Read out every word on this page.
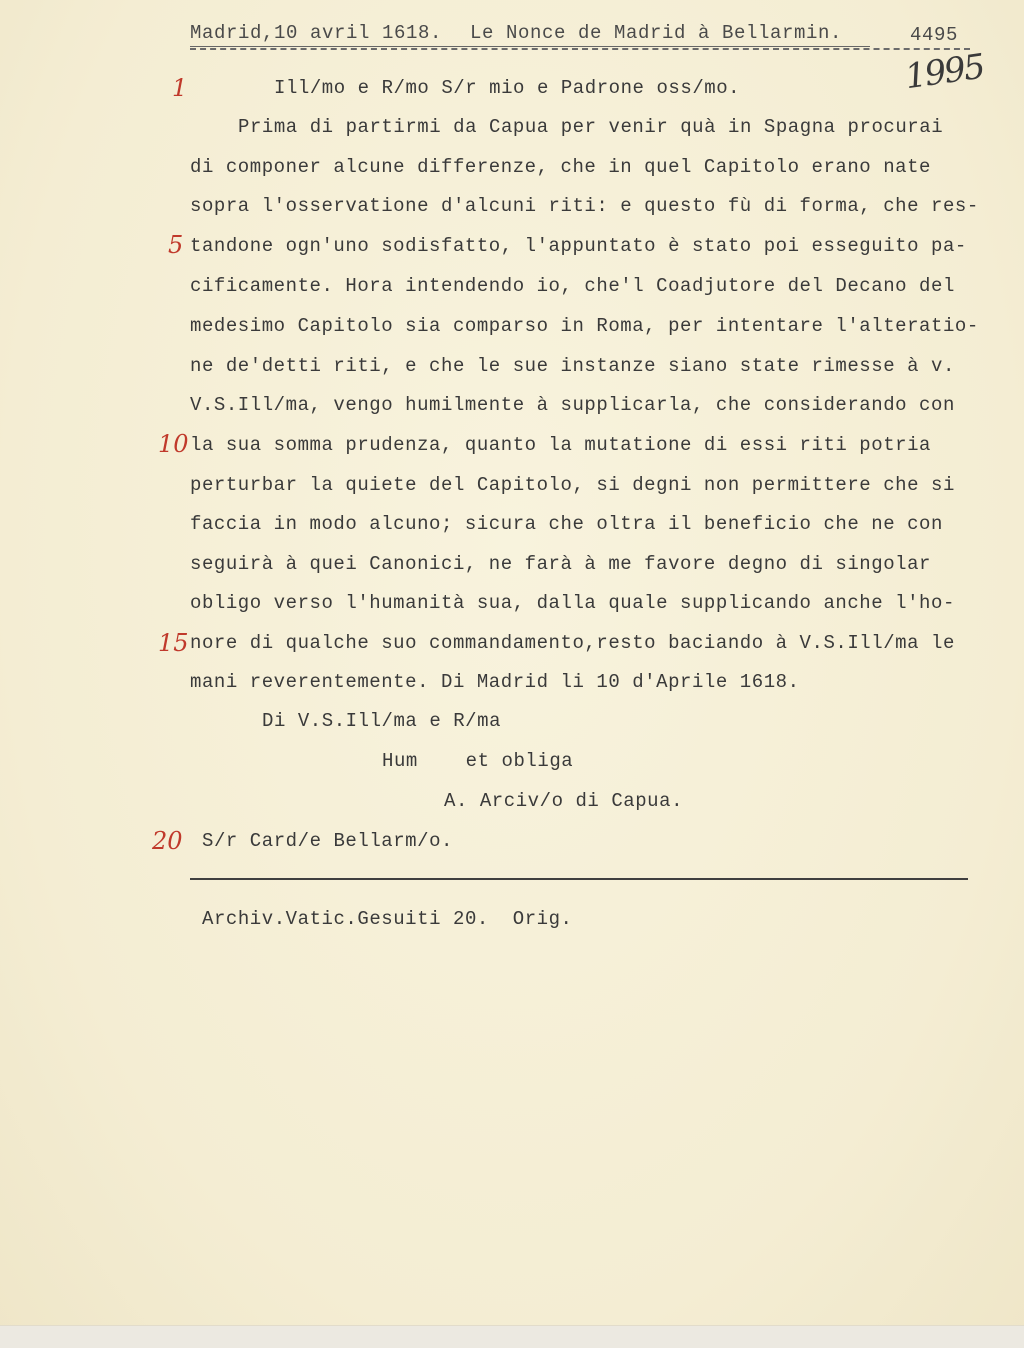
Madrid,10 avril 1618. Le Nonce de Madrid à Bellarmin.	4495
1995
1
5
10
15
20
Ill/mo e R/mo S/r mio e Padrone oss/mo.
Prima di partirmi da Capua per venir quà in Spagna procurai
di componer alcune differenze, che in quel Capitolo erano nate
sopra l'osservatione d'alcuni riti: e questo fù di forma, che res-
tandone ogn'uno sodisfatto, l'appuntato è stato poi esseguito pa-
cificamente. Hora intendendo io, che'l Coadjutore del Decano del
medesimo Capitolo sia comparso in Roma, per intentare l'alteratio-
ne de'detti riti, e che le sue instanze siano state rimesse à v.
V.S.Ill/ma, vengo humilmente à supplicarla, che considerando con
la sua somma prudenza, quanto la mutatione di essi riti potria
perturbar la quiete del Capitolo, si degni non permittere che si
faccia in modo alcuno; sicura che oltra il beneficio che ne con
seguirà à quei Canonici, ne farà à me favore degno di singolar
obligo verso l'humanità sua, dalla quale supplicando anche l'ho-
nore di qualche suo commandamento,resto baciando à V.S.Ill/ma le
mani reverentemente. Di Madrid li 10 d'Aprile 1618.
Di V.S.Ill/ma e R/ma
Hum    et obliga
A. Arciv/o di Capua.
S/r Card/e Bellarm/o.
Archiv.Vatic.Gesuiti 20.  Orig.
